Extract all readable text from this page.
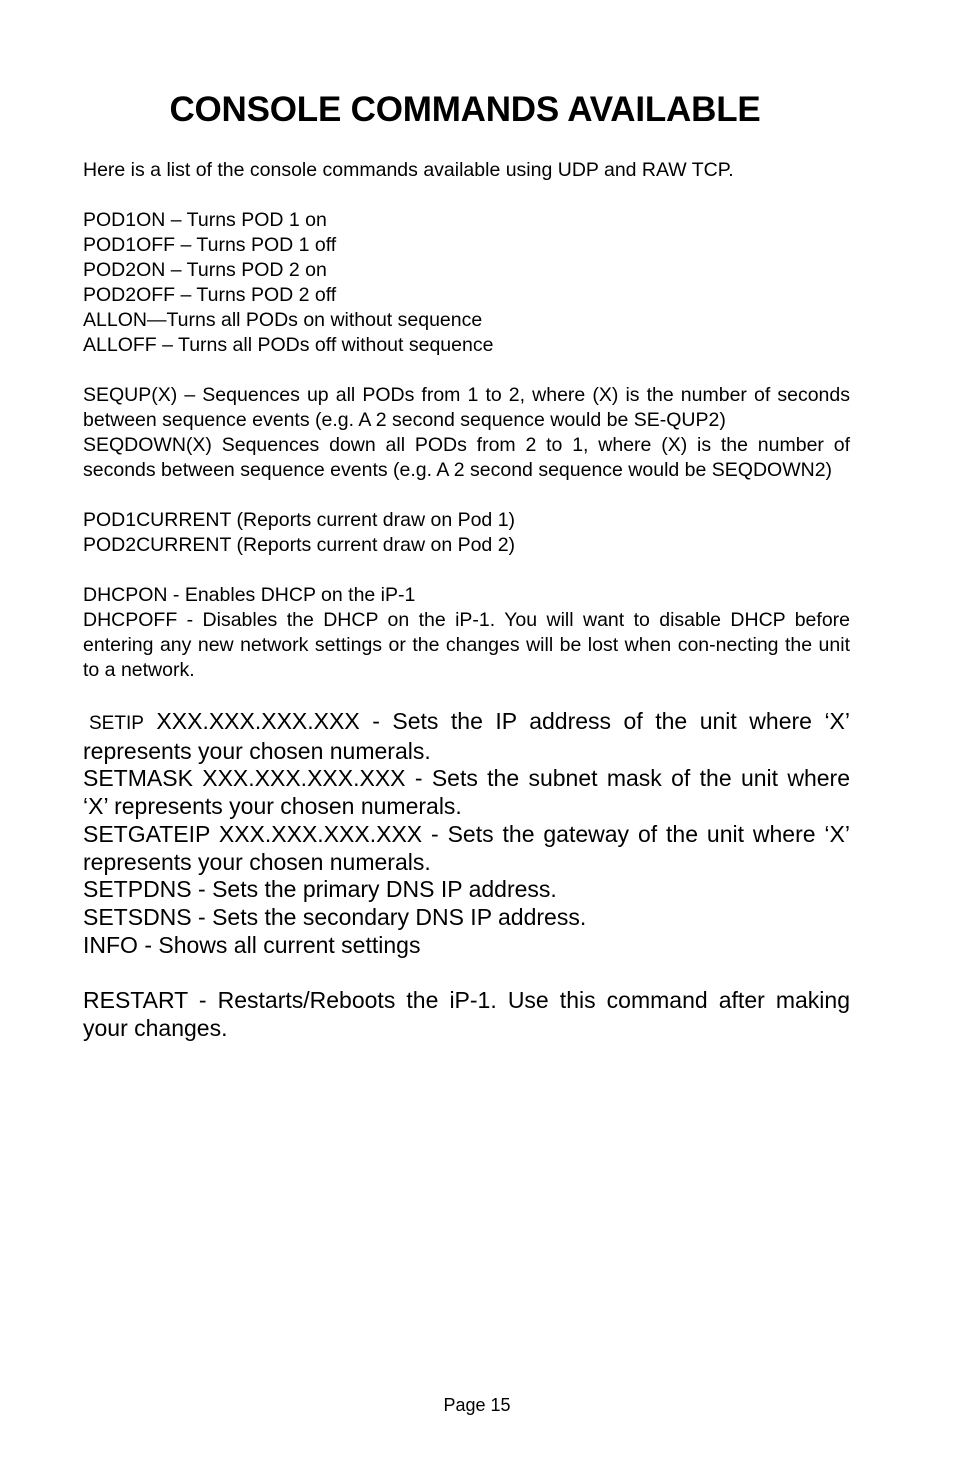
CONSOLE COMMANDS AVAILABLE

Here is a list of the console commands available using UDP and RAW TCP.

POD1ON – Turns POD 1 on

POD1OFF – Turns POD 1 off

POD2ON – Turns POD 2 on

POD2OFF – Turns POD 2 off

ALLON—Turns all PODs on without sequence

ALLOFF – Turns all PODs off without sequence

SEQUP(X) – Sequences up all PODs from 1 to 2, where (X) is the number of seconds between sequence events (e.g. A 2 second sequence would be SE-QUP2)

SEQDOWN(X) Sequences down all PODs from 2 to 1, where (X) is the number of seconds between sequence events (e.g. A 2 second sequence would be SEQDOWN2)

POD1CURRENT (Reports current draw on Pod 1)

POD2CURRENT (Reports current draw on Pod 2)

DHCPON - Enables DHCP on the iP-1

DHCPOFF - Disables the DHCP on the iP-1. You will want to disable DHCP before entering any new network settings or the changes will be lost when con-necting the unit to a network.

SETIP XXX.XXX.XXX.XXX - Sets the IP address of the unit where ‘X’ represents your chosen numerals.

SETMASK XXX.XXX.XXX.XXX - Sets the subnet mask of the unit where ‘X’ represents your chosen numerals.

SETGATEIP XXX.XXX.XXX.XXX - Sets the gateway of the unit where ‘X’ represents your chosen numerals.

SETPDNS - Sets the primary DNS IP address.

SETSDNS - Sets the secondary DNS IP address.

INFO - Shows all current settings

RESTART - Restarts/Reboots the iP-1. Use this command after making your changes.

Page 15
